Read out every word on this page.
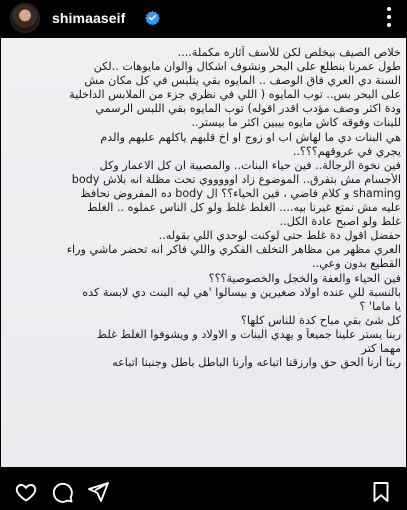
shimaaseif
خلاص الصيف بيخلص لكن للأسف آثاره مكملة....
طول عمرنا بنطلع على البحر ونشوف اشكال والوان مايوهات ..لكن
السنة دي العري فاق الوصف .. المايوه بقي يتلبس في كل مكان مش
على البحر بس.. توب المايوه ( اللي في نظري جزء من الملابس الداخلية
ودة اكثر وصف مؤدب اقدر اقوله) توب المايوه بقي اللبس الرسمي
للبنات وفوقه كاش مايوه بيبين اكثر ما بيستر..
هي البنات دي ما لهاش اب او زوج او اخ قلبهم ياكلهم عليهم والدم
يجري في عروقهم؟؟؟..
فين نخوة الرجالة.. فين حياء البنات.. والمصيبة ان كل الاعمار وكل
الأجسام مش بتفرق.. الموضوع زاد اوووووي تحت مظلة انه بلاش body
shaming و كلام فاضي ، فين الحياء؟؟ ال body ده المفروض نحافظ
عليه مش نمتع غيرنا بيه.... الغلط غلط ولو كل الناس عملوه .. الغلط
غلط ولو اصبح عادة الكل..
حفضل اقول دة غلط حتى لوكنت لوحدي اللي بقوله..
العري مظهر من مظاهر التخلف الفكري واللي فاكر انه تحضر ماشي وراء
القطيع بدون وعي..
فين الحياء والعفة والخجل والخصوصية؟؟؟
بالنسبة للي عنده اولاد صغيرين و بيسالوا 'هي ليه البنت دي لابسة كده
يا ماما' ؟
كل شئ بقي مباح كدة للناس كلها؟
ربنا يستر علينا جميعاً و يهدي البنات و الاولاد و ويشوفوا الغلط غلط
مهما كتر
ربنا أرنا الحق حق وارزقنا اتباعه وأرنا الباطل باطل وجنبنا اتباعه
